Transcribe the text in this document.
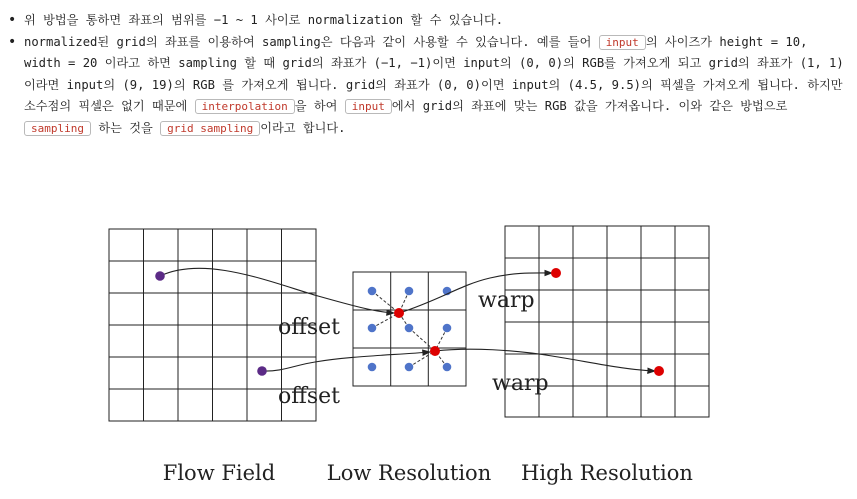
• 위 방법을 통하면 좌표의 범위를 −1 ~ 1 사이로 normalization 할 수 있습니다.
• normalized된 grid의 좌표를 이용하여 sampling은 다음과 같이 사용할 수 있습니다. 예를 들어 input 의 사이즈가 height = 10, width = 20 이라고 하면 sampling 할 때 grid의 좌표가 (−1, −1)이면 input의 (0, 0)의 RGB를 가져오게 되고 grid의 좌표가 (1, 1)이라면 input의 (9, 19)의 RGB 를 가져오게 됩니다. grid의 좌표가 (0, 0)이면 input의 (4.5, 9.5)의 픽셀을 가져오게 됩니다. 하지만 소수점의 픽셀은 없기 때문에 interpolation 을 하여 input 에서 grid의 좌표에 맞는 RGB 값을 가져옵니다. 이와 같은 방법으로 sampling 하는 것을 grid sampling 이라고 합니다.
offset
offset
warp
warp
Flow Field Low Resolution High Resolution
